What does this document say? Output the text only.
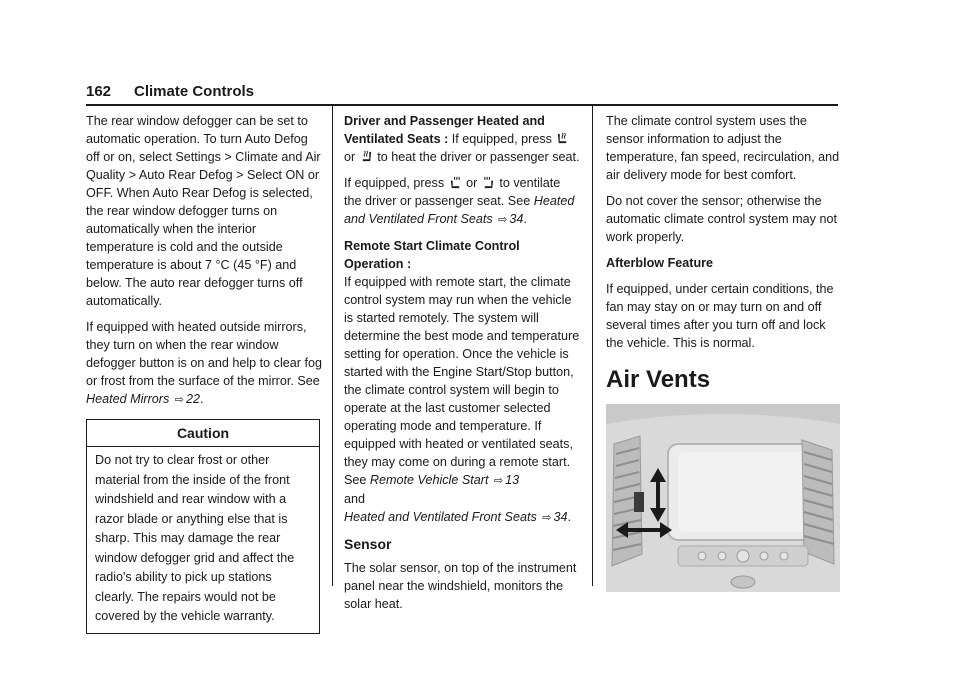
162 Climate Controls

The rear window defogger can be set to automatic operation. To turn Auto Defog off or on, select Settings > Climate and Air Quality > Auto Rear Defog > Select ON or OFF. When Auto Rear Defog is selected, the rear window defogger turns on automatically when the interior temperature is cold and the outside temperature is about 7 °C (45 °F) and below. The auto rear defogger turns off automatically.

If equipped with heated outside mirrors, they turn on when the rear window defogger button is on and help to clear fog or frost from the surface of the mirror. See Heated Mirrors ⇨ 22.

Caution
Do not try to clear frost or other material from the inside of the front windshield and rear window with a razor blade or anything else that is sharp. This may damage the rear window defogger grid and affect the radio's ability to pick up stations clearly. The repairs would not be covered by the vehicle warranty.

Driver and Passenger Heated and Ventilated Seats : If equipped, press  or to heat the driver or passenger seat.

If equipped, press or to ventilate the driver or passenger seat. See Heated and Ventilated Front Seats ⇨ 34.

Remote Start Climate Control Operation :
If equipped with remote start, the climate control system may run when the vehicle is started remotely. The system will determine the best mode and temperature setting for operation. Once the vehicle is started with the Engine Start/Stop button, the climate control system will begin to operate at the last customer selected operating mode and temperature. If equipped with heated or ventilated seats, they may come on during a remote start. See Remote Vehicle Start ⇨ 13
and
Heated and Ventilated Front Seats ⇨ 34.

Sensor

The solar sensor, on top of the instrument panel near the windshield, monitors the solar heat.

The climate control system uses the sensor information to adjust the temperature, fan speed, recirculation, and air delivery mode for best comfort.

Do not cover the sensor; otherwise the automatic climate control system may not work properly.

Afterblow Feature

If equipped, under certain conditions, the fan may stay on or may turn on and off several times after you turn off and lock the vehicle. This is normal.

Air Vents
